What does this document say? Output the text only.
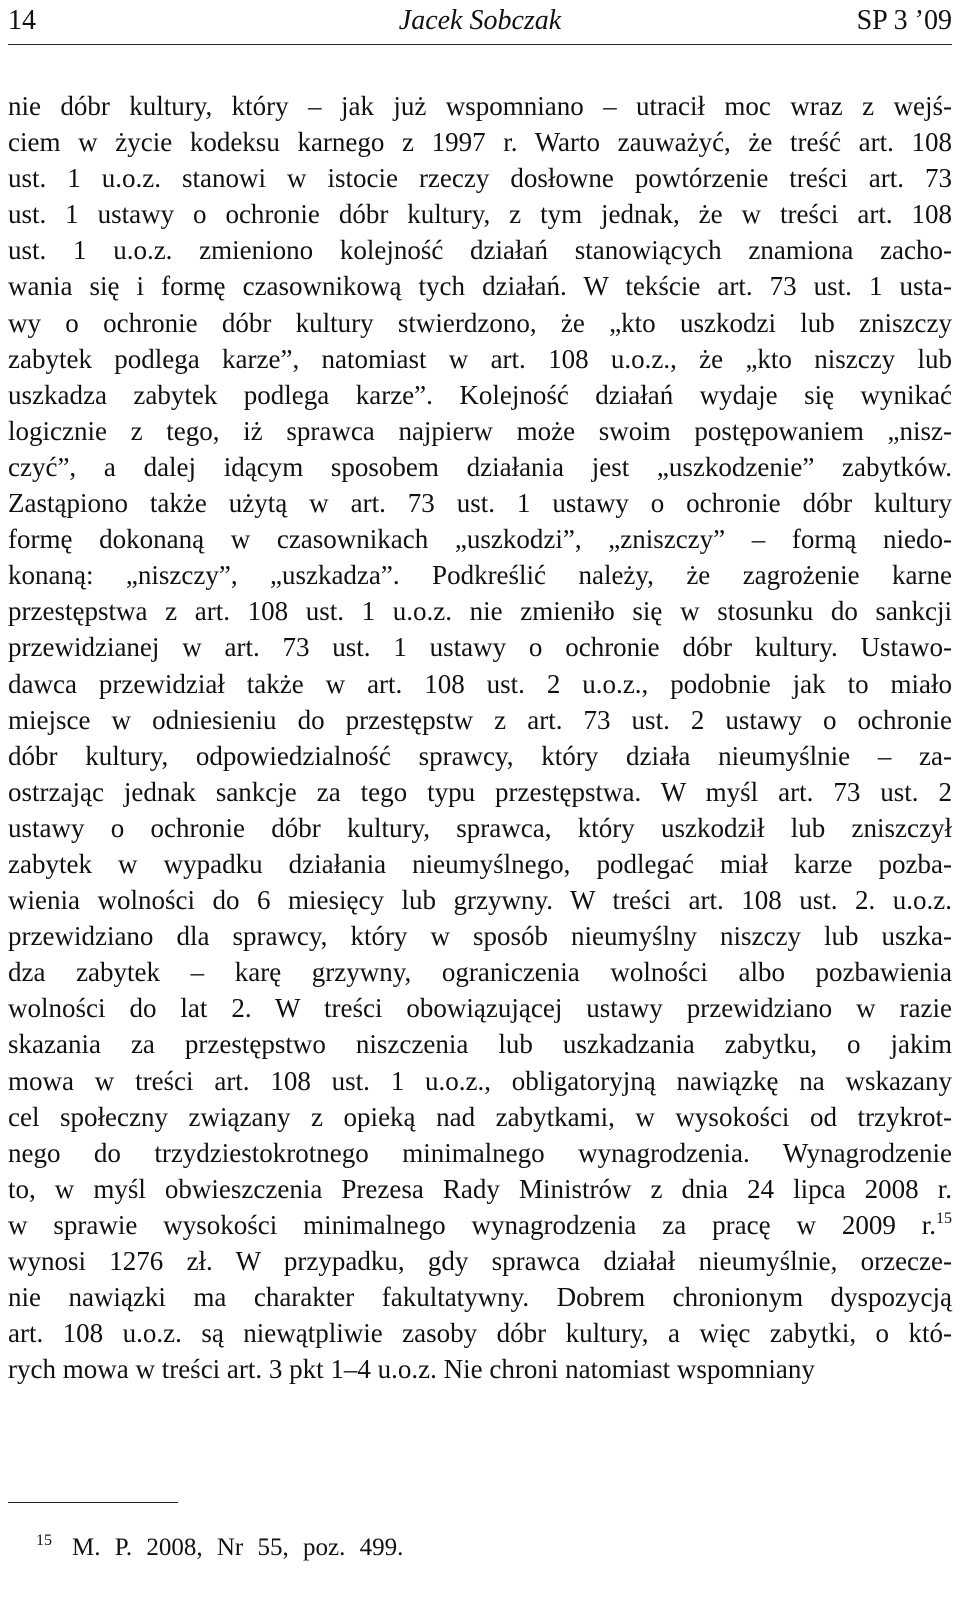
14	Jacek Sobczak	SP 3 ’09
nie dóbr kultury, który – jak już wspomniano – utracił moc wraz z wejś-
ciem w życie kodeksu karnego z 1997 r. Warto zauważyć, że treść art. 108
ust. 1 u.o.z. stanowi w istocie rzeczy dosłowne powtórzenie treści art. 73
ust. 1 ustawy o ochronie dóbr kultury, z tym jednak, że w treści art. 108
ust. 1 u.o.z. zmieniono kolejność działań stanowiących znamiona zacho-
wania się i formę czasownikową tych działań. W tekście art. 73 ust. 1 usta-
wy o ochronie dóbr kultury stwierdzono, że „kto uszkodzi lub zniszczy
zabytek podlega karze”, natomiast w art. 108 u.o.z., że „kto niszczy lub
uszkadza zabytek podlega karze”. Kolejność działań wydaje się wynikać
logicznie z tego, iż sprawca najpierw może swoim postępowaniem „nisz-
czyć”, a dalej idącym sposobem działania jest „uszkodzenie” zabytków.
Zastąpiono także użytą w art. 73 ust. 1 ustawy o ochronie dóbr kultury
formę dokonaną w czasownikach „uszkodzi”, „zniszczy” – formą niedo-
konaną: „niszczy”, „uszkadza”. Podkreślić należy, że zagrożenie karne
przestępstwa z art. 108 ust. 1 u.o.z. nie zmieniło się w stosunku do sankcji
przewidzianej w art. 73 ust. 1 ustawy o ochronie dóbr kultury. Ustawo-
dawca przewidział także w art. 108 ust. 2 u.o.z., podobnie jak to miało
miejsce w odniesieniu do przestępstw z art. 73 ust. 2 ustawy o ochronie
dóbr kultury, odpowiedzialność sprawcy, który działa nieumyślnie – za-
ostrzając jednak sankcje za tego typu przestępstwa. W myśl art. 73 ust. 2
ustawy o ochronie dóbr kultury, sprawca, który uszkodził lub zniszczył
zabytek w wypadku działania nieumyślnego, podlegać miał karze pozba-
wienia wolności do 6 miesięcy lub grzywny. W treści art. 108 ust. 2. u.o.z.
przewidziano dla sprawcy, który w sposób nieumyślny niszczy lub uszka-
dza zabytek – karę grzywny, ograniczenia wolności albo pozbawienia
wolności do lat 2. W treści obowiązującej ustawy przewidziano w razie
skazania za przestępstwo niszczenia lub uszkadzania zabytku, o jakim
mowa w treści art. 108 ust. 1 u.o.z., obligatoryjną nawiązkę na wskazany
cel społeczny związany z opieką nad zabytkami, w wysokości od trzykrot-
nego do trzydziestokrotnego minimalnego wynagrodzenia. Wynagrodzenie
to, w myśl obwieszczenia Prezesa Rady Ministrów z dnia 24 lipca 2008 r.
w sprawie wysokości minimalnego wynagrodzenia za pracę w 2009 r.$^{15}$
wynosi 1276 zł. W przypadku, gdy sprawca działał nieumyślnie, orzecze-
nie nawiązki ma charakter fakultatywny. Dobrem chronionym dyspozycją
art. 108 u.o.z. są niewątpliwie zasoby dóbr kultury, a więc zabytki, o któ-
rych mowa w treści art. 3 pkt 1–4 u.o.z. Nie chroni natomiast wspomniany
$^{15}$ M. P. 2008, Nr 55, poz. 499.
